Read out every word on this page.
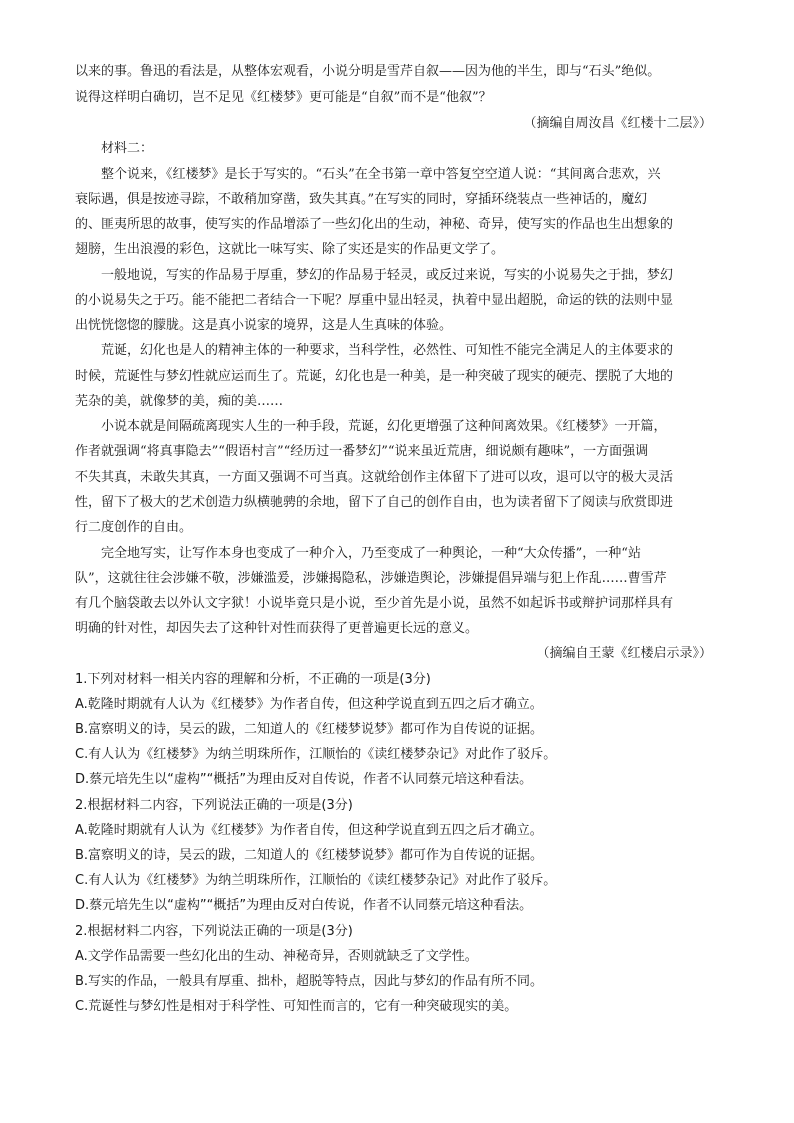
以来的事。鲁迅的看法是，从整体宏观看，小说分明是雪芹自叙——因为他的半生，即与“石头”绝似。
说得这样明白确切，岂不足见《红楼梦》更可能是“自叙”而不是“他叙”？
（摘编自周汝昌《红楼十二层》）
材料二：
整个说来，《红楼梦》是长于写实的。“石头”在全书第一章中答复空空道人说：“其间离合悲欢，兴
衰际遇，俱是按迹寻踪，不敢稍加穿凿，致失其真。”在写实的同时，穿插环绕装点一些神话的，魔幻
的、匪夷所思的故事，使写实的作品增添了一些幻化出的生动，神秘、奇异，使写实的作品也生出想象的
翅膀，生出浪漫的彩色，这就比一味写实、除了实还是实的作品更文学了。
一般地说，写实的作品易于厚重，梦幻的作品易于轻灵，或反过来说，写实的小说易失之于拙，梦幻
的小说易失之于巧。能不能把二者结合一下呢？厚重中显出轻灵，执着中显出超脱，命运的铁的法则中显
出恍恍惚惚的朦胧。这是真小说家的境界，这是人生真味的体验。
荒诞，幻化也是人的精神主体的一种要求，当科学性，必然性、可知性不能完全满足人的主体要求的
时候，荒诞性与梦幻性就应运而生了。荒诞，幻化也是一种美，是一种突破了现实的硬売、摆脱了大地的
芜杂的美，就像梦的美，痴的美……
小说本就是间隔疏离现实人生的一种手段，荒诞，幻化更增强了这种间离效果。《红楼梦》一开篇，
作者就强调“将真事隐去”“假语村言”“经历过一番梦幻”“说来虽近荒唐，细说颇有趣味”，一方面强调
不失其真，未敢失其真，一方面又强调不可当真。这就给创作主体留下了进可以攻，退可以守的极大灵活
性，留下了极大的艺术创造力纵横驰骋的余地，留下了自己的创作自由，也为读者留下了阅读与欣赏即进
行二度创作的自由。
完全地写实，让写作本身也变成了一种介入，乃至变成了一种舆论，一种“大众传播”，一种“站
队”，这就往往会涉嫌不敬，涉嫌滥爰，涉嫌揭隐私，涉嫌造舆论，涉嫌提倡异端与犯上作乱……曹雪芹
有几个脑袋敢去以外认文字狱！小说毕竟只是小说，至少首先是小说，虽然不如起诉书或辩护词那样具有
明确的针对性，却因失去了这种针对性而获得了更普遍更长远的意义。
（摘编自王蒙《红楼启示录》）
1.下列对材料一相关内容的理解和分析，不正确的一项是(3分)
A.乾隆时期就有人认为《红楼梦》为作者自传，但这种学说直到五四之后才确立。
B.富察明义的诗，吴云的跋，二知道人的《红楼梦说梦》都可作为自传说的证据。
C.有人认为《红楼梦》为纳兰明珠所作，江顺怡的《读红楼梦杂记》对此作了驳斥。
D.蔡元培先生以“虚构”“概括”为理由反对自传说，作者不认同蔡元培这种看法。
2.根据材料二内容，下列说法正确的一项是(3分)
A.乾隆时期就有人认为《红楼梦》为作者自传，但这种学说直到五四之后才确立。
B.富察明义的诗，吴云的跋，二知道人的《红楼梦说梦》都可作为自传说的证据。
C.有人认为《红楼梦》为纳兰明珠所作，江顺怡的《读红楼梦杂记》对此作了驳斥。
D.蔡元培先生以“虚构”“概括”为理由反对白传说，作者不认同蔡元培这种看法。
2.根据材料二内容，下列说法正确的一项是(3分)
A.文学作品需要一些幻化出的生动、神秘奇异，否则就缺乏了文学性。
B.写实的作品，一般具有厚重、拙朴，超脱等特点，因此与梦幻的作品有所不同。
C.荒诞性与梦幻性是相对于科学性、可知性而言的，它有一种突破现实的美。
